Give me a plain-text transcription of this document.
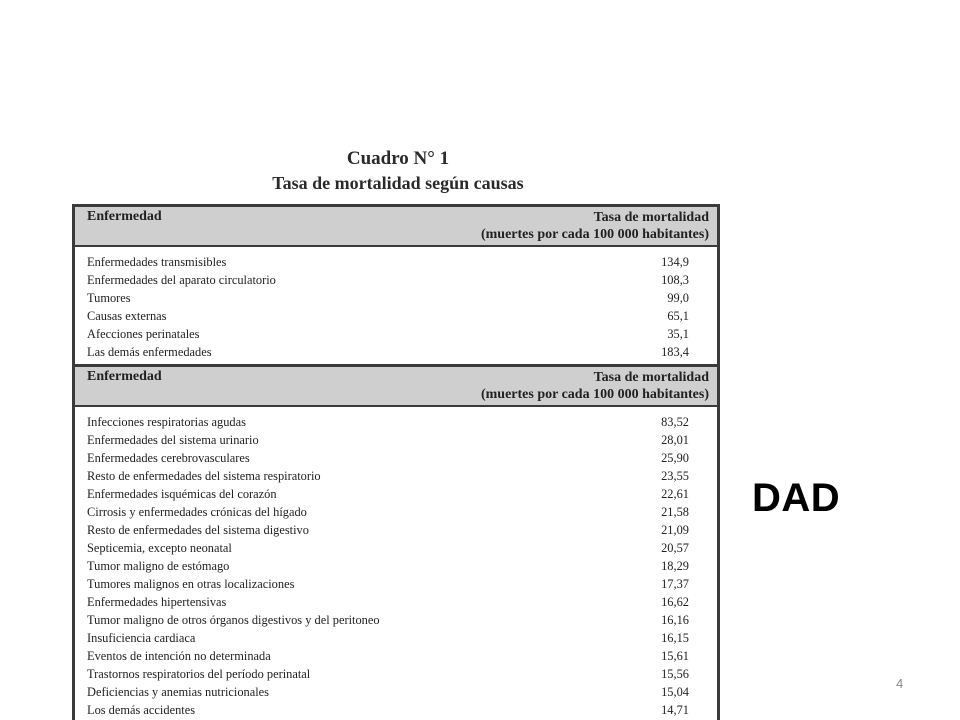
Cuadro N° 1
Tasa de mortalidad según causas
Enfermedad	Tasa de mortalidad
(muertes por cada 100 000 habitantes)
Enfermedades transmisibles	134,9
Enfermedades del aparato circulatorio	108,3
Tumores	99,0
Causas externas	65,1
Afecciones perinatales	35,1
Las demás enfermedades	183,4
Enfermedad	Tasa de mortalidad
(muertes por cada 100 000 habitantes)
Infecciones respiratorias agudas	83,52
Enfermedades del sistema urinario	28,01
Enfermedades cerebrovasculares	25,90
Resto de enfermedades del sistema respiratorio	23,55
Enfermedades isquémicas del corazón	22,61
Cirrosis y enfermedades crónicas del hígado	21,58
Resto de enfermedades del sistema digestivo	21,09
Septicemia, excepto neonatal	20,57
Tumor maligno de estómago	18,29
Tumores malignos en otras localizaciones	17,37
Enfermedades hipertensivas	16,62
Tumor maligno de otros órganos digestivos y del peritoneo	16,16
Insuficiencia cardiaca	16,15
Eventos de intención no determinada	15,61
Trastornos respiratorios del período perinatal	15,56
Deficiencias y anemias nutricionales	15,04
Los demás accidentes	14,71
DAD
4
